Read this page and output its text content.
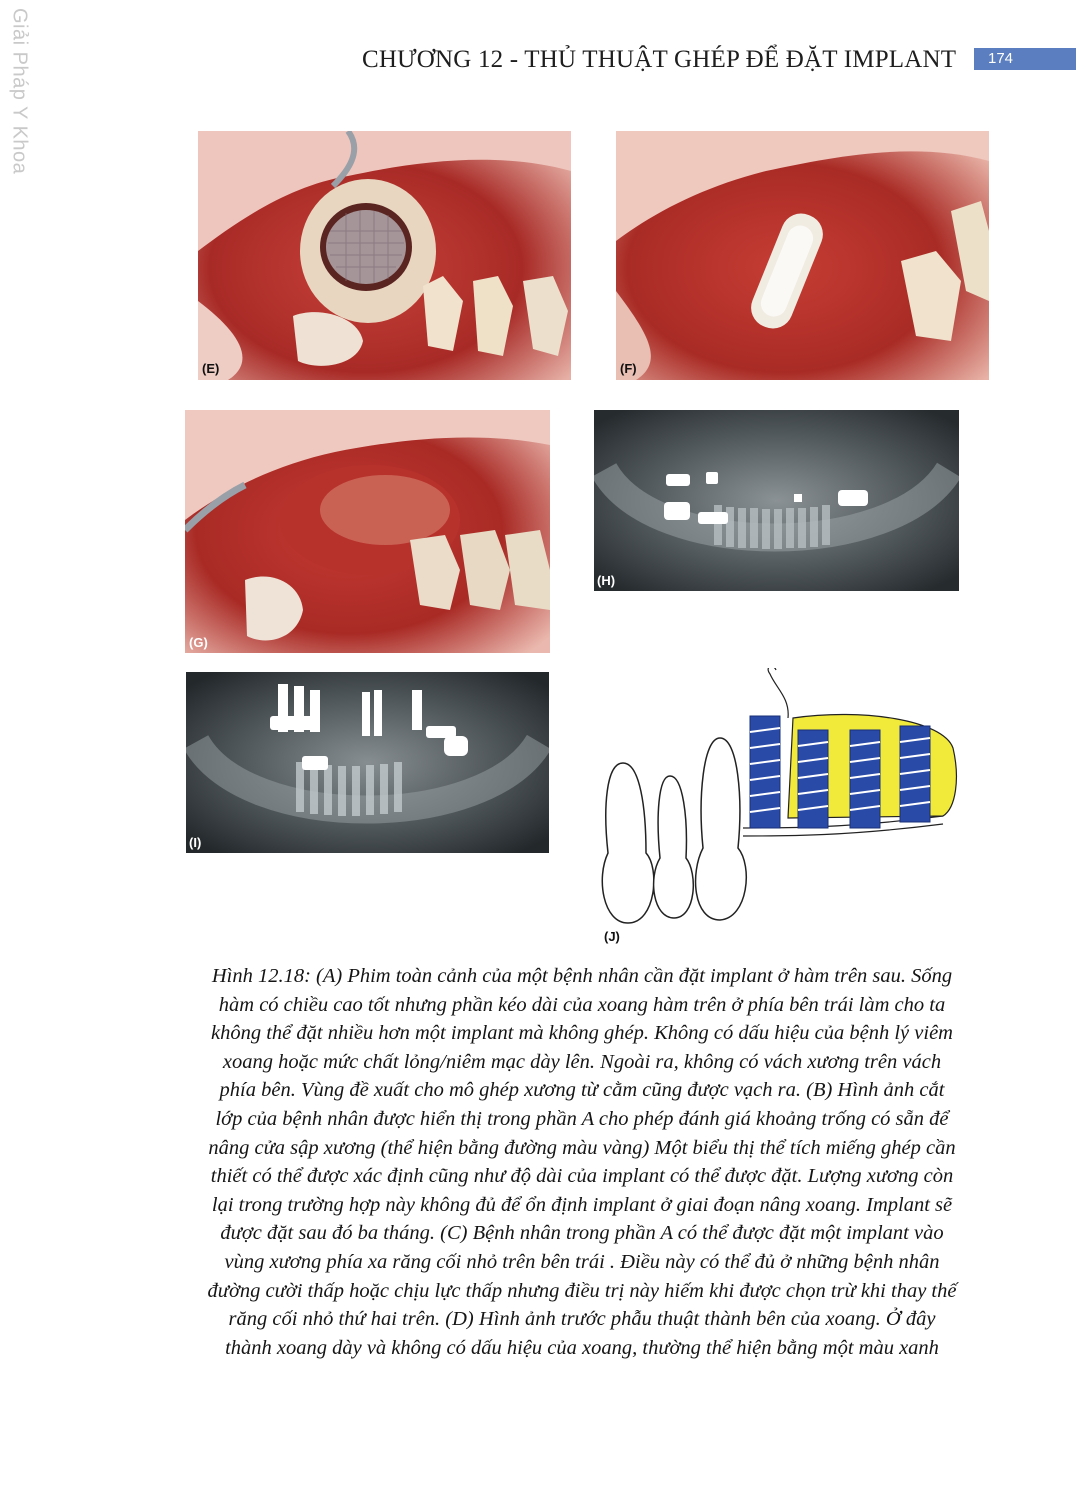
Giải Pháp Y Khoa	CHƯƠNG 12 - THỦ THUẬT GHÉP ĐỂ ĐẶT IMPLANT	174
(E)	(F)
(G)
(H)
(I)
(J)
Hình 12.18: (A) Phim toàn cảnh của một bệnh nhân cần đặt implant ở hàm trên sau. Sống
hàm có chiều cao tốt nhưng phần kéo dài của xoang hàm trên ở phía bên trái làm cho ta
không thể đặt nhiều hơn một implant mà không ghép. Không có dấu hiệu của bệnh lý viêm
xoang hoặc mức chất lỏng/niêm mạc dày lên. Ngoài ra, không có vách xương trên vách
phía bên. Vùng đề xuất cho mô ghép xương từ cằm cũng được vạch ra. (B) Hình ảnh cắt
lớp của bệnh nhân được hiển thị trong phần A cho phép đánh giá khoảng trống có sẵn để
nâng cửa sập xương (thể hiện bằng đường màu vàng) Một biểu thị thể tích miếng ghép cần
thiết có thể được xác định cũng như độ dài của implant có thể được đặt. Lượng xương còn
lại trong trường hợp này không đủ để ổn định implant ở giai đoạn nâng xoang. Implant sẽ
được đặt sau đó ba tháng. (C) Bệnh nhân trong phần A có thể được đặt một implant vào
vùng xương phía xa răng cối nhỏ trên bên trái . Điều này có thể đủ ở những bệnh nhân
đường cười thấp hoặc chịu lực thấp nhưng điều trị này hiếm khi được chọn trừ khi thay thế
răng cối nhỏ thứ hai trên. (D) Hình ảnh trước phẫu thuật thành bên của xoang. Ở đây
thành xoang dày và không có dấu hiệu của xoang, thường thể hiện bằng một màu xanh
